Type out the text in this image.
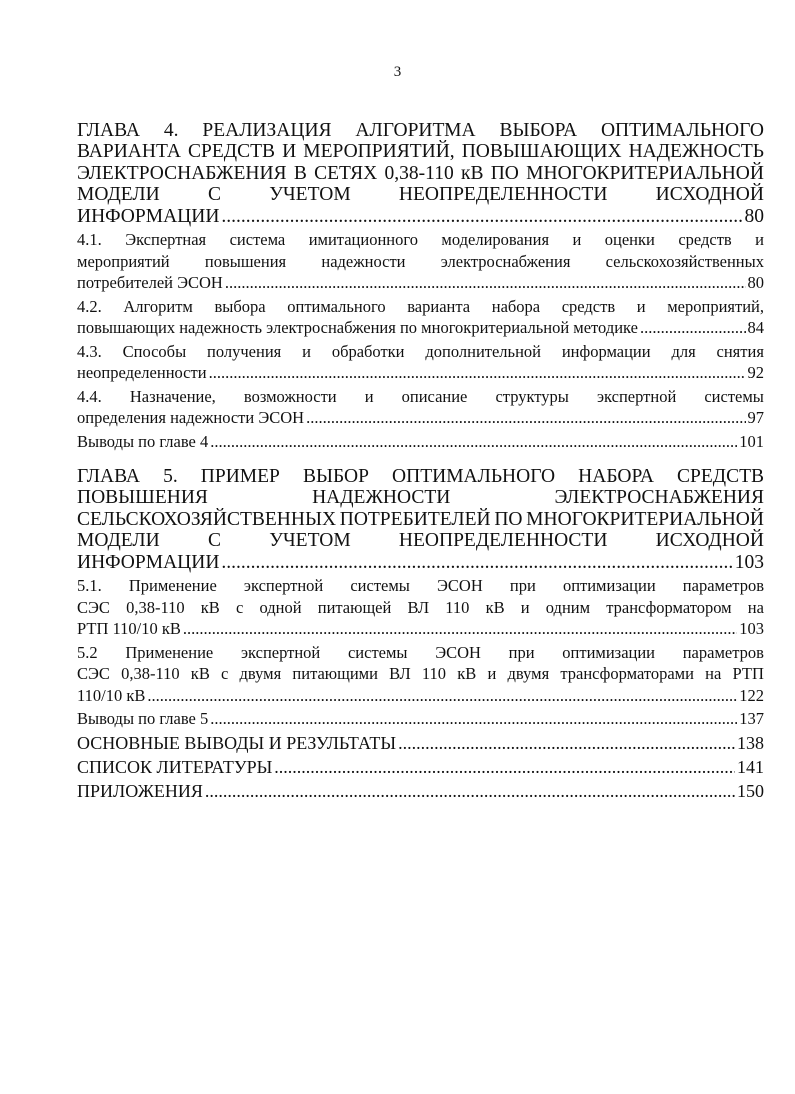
3
ГЛАВА 4. РЕАЛИЗАЦИЯ АЛГОРИТМА ВЫБОРА ОПТИМАЛЬНОГО
ВАРИАНТА СРЕДСТВ И МЕРОПРИЯТИЙ, ПОВЫШАЮЩИХ НАДЕЖНОСТЬ
ЭЛЕКТРОСНАБЖЕНИЯ В СЕТЯХ 0,38-110 кВ ПО МНОГОКРИТЕРИАЛЬНОЙ
МОДЕЛИ С УЧЕТОМ НЕОПРЕДЕЛЕННОСТИ ИСХОДНОЙ
ИНФОРМАЦИИ .....	80
4.1. Экспертная система имитационного моделирования и оценки средств и
мероприятий повышения надежности электроснабжения сельскохозяйственных
потребителей ЭСОН .....	80
4.2. Алгоритм выбора оптимального варианта набора средств и мероприятий,
повышающих надежность электроснабжения по многокритериальной методике .....	84
4.3. Способы получения и обработки дополнительной информации для снятия
неопределенности .....	92
4.4. Назначение, возможности и описание структуры экспертной системы
определения надежности ЭСОН .....	97
Выводы по главе 4 .....	101
ГЛАВА 5. ПРИМЕР ВЫБОР ОПТИМАЛЬНОГО НАБОРА СРЕДСТВ
ПОВЫШЕНИЯ	НАДЕЖНОСТИ	ЭЛЕКТРОСНАБЖЕНИЯ
СЕЛЬСКОХОЗЯЙСТВЕННЫХ ПОТРЕБИТЕЛЕЙ ПО МНОГОКРИТЕРИАЛЬНОЙ
МОДЕЛИ С УЧЕТОМ НЕОПРЕДЕЛЕННОСТИ ИСХОДНОЙ
ИНФОРМАЦИИ .....	103
5.1. Применение экспертной системы ЭСОН при оптимизации параметров
СЭС 0,38-110 кВ с одной питающей ВЛ 110 кВ и одним трансформатором на
РТП 110/10 кВ .....	103
5.2 Применение экспертной системы ЭСОН при оптимизации параметров
СЭС 0,38-110 кВ с двумя питающими ВЛ 110 кВ и двумя трансформаторами на РТП
110/10 кВ .....	122
Выводы по главе 5 .....	137
ОСНОВНЫЕ ВЫВОДЫ И РЕЗУЛЬТАТЫ .....	138
СПИСОК ЛИТЕРАТУРЫ .....	141
ПРИЛОЖЕНИЯ .....	150
